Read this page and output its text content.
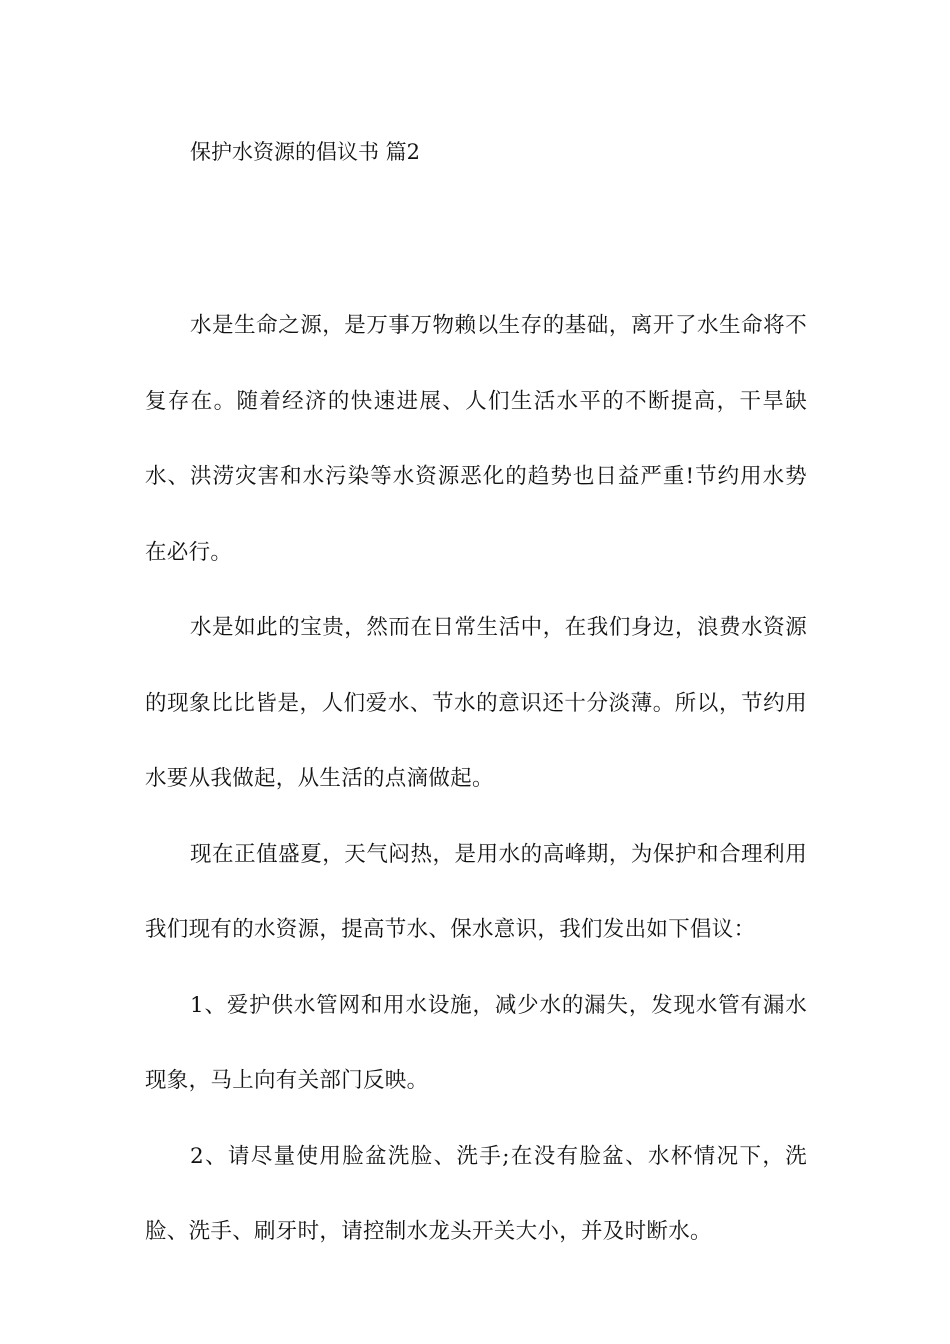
保护水资源的倡议书 篇2

水是生命之源，是万事万物赖以生存的基础，离开了水生命将不复存在。随着经济的快速进展、人们生活水平的不断提高，干旱缺水、洪涝灾害和水污染等水资源恶化的趋势也日益严重!节约用水势在必行。

水是如此的宝贵，然而在日常生活中，在我们身边，浪费水资源的现象比比皆是，人们爱水、节水的意识还十分淡薄。所以，节约用水要从我做起，从生活的点滴做起。

现在正值盛夏，天气闷热，是用水的高峰期，为保护和合理利用我们现有的水资源，提高节水、保水意识，我们发出如下倡议：

1、爱护供水管网和用水设施，减少水的漏失，发现水管有漏水现象，马上向有关部门反映。

2、请尽量使用脸盆洗脸、洗手;在没有脸盆、水杯情况下，洗脸、洗手、刷牙时，请控制水龙头开关大小，并及时断水。
